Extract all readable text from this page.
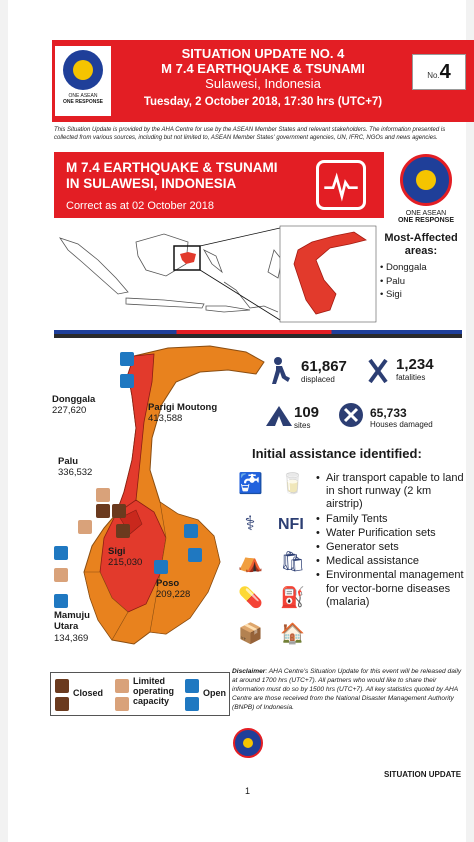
SITUATION UPDATE NO. 4
M 7.4 EARTHQUAKE & TSUNAMI
Sulawesi, Indonesia
Tuesday, 2 October 2018, 17:30 hrs (UTC+7)
ONE ASEAN
ONE RESPONSE
No.4
This Situation Update is provided by the AHA Centre for use by the ASEAN Member States and relevant stakeholders. The information presented is collected from various sources, including but not limited to, ASEAN Member States' government agencies, UN, IFRC, NGOs and news agencies.
M 7.4 EARTHQUAKE & TSUNAMI
IN SULAWESI, INDONESIA
Correct as at 02 October 2018
ONE ASEAN
ONE RESPONSE
Most-Affected areas:
• Donggala
• Palu
• Sigi
Donggala
227,620	Parigi Moutong
413,588
Palu
336,532
Sigi
215,030
Poso
209,228
Mamuju Utara
134,369
61,867
displaced
1,234
fatalities
109
sites
65,733
Houses damaged
Initial assistance identified:
🚰 🥛
⚕	NFI
⛺ 🛍
💊 ⛽
📦 🏠
• Air transport capable to land in short runway (2 km airstrip)
• Family Tents
• Water Purification sets
• Generator sets
• Medical assistance
• Environmental management for vector-borne diseases (malaria)
Closed
Limited operating capacity
Open
Disclaimer: AHA Centre's Situation Update for this event will be released daily at around 1700 hrs (UTC+7). All partners who would like to share their information must do so by 1500 hrs (UTC+7). All key statistics quoted by AHA Centre are those received from the National Disaster Management Authority (BNPB) of Indonesia.
SITUATION UPDATE
1
